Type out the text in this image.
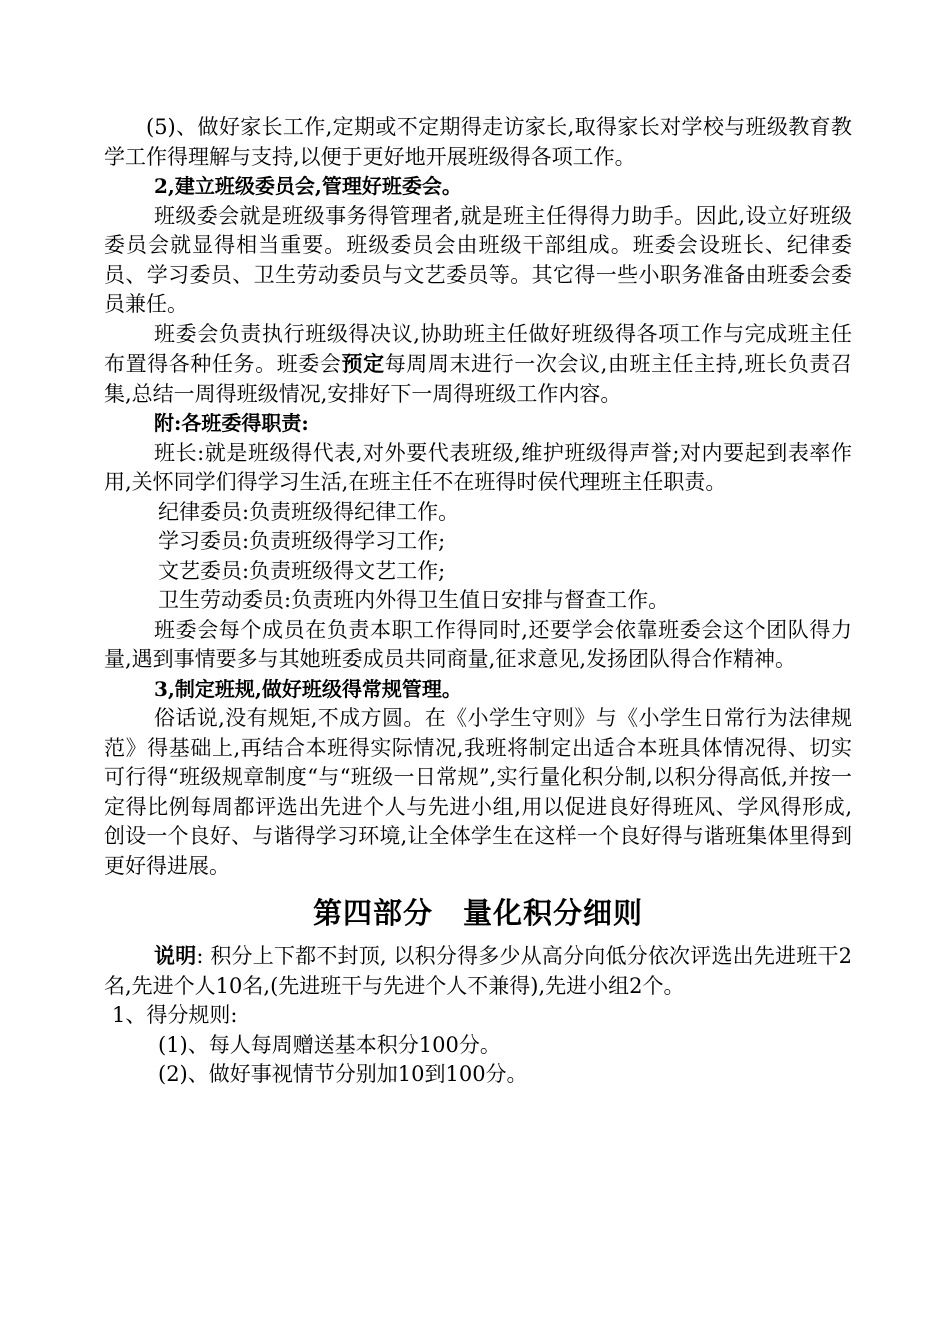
(5)、做好家长工作,定期或不定期得走访家长,取得家长对学校与班级教育教学工作得理解与支持,以便于更好地开展班级得各项工作。

2,建立班级委员会,管理好班委会。

班级委会就是班级事务得管理者,就是班主任得得力助手。因此,设立好班级委员会就显得相当重要。班级委员会由班级干部组成。班委会设班长、纪律委员、学习委员、卫生劳动委员与文艺委员等。其它得一些小职务准备由班委会委员兼任。

班委会负责执行班级得决议,协助班主任做好班级得各项工作与完成班主任布置得各种任务。班委会预定每周周末进行一次会议,由班主任主持,班长负责召集,总结一周得班级情况,安排好下一周得班级工作内容。

附:各班委得职责:

班长:就是班级得代表,对外要代表班级,维护班级得声誉;对内要起到表率作用,关怀同学们得学习生活,在班主任不在班得时侯代理班主任职责。

纪律委员:负责班级得纪律工作。

学习委员:负责班级得学习工作;

文艺委员:负责班级得文艺工作;

卫生劳动委员:负责班内外得卫生值日安排与督查工作。

班委会每个成员在负责本职工作得同时,还要学会依靠班委会这个团队得力量,遇到事情要多与其她班委成员共同商量,征求意见,发扬团队得合作精神。

3,制定班规,做好班级得常规管理。

俗话说,没有规矩,不成方圆。在《小学生守则》与《小学生日常行为法律规范》得基础上,再结合本班得实际情况,我班将制定出适合本班具体情况得、切实可行得“班级规章制度“与“班级一日常规”,实行量化积分制,以积分得高低,并按一定得比例每周都评选出先进个人与先进小组,用以促进良好得班风、学风得形成,创设一个良好、与谐得学习环境,让全体学生在这样一个良好得与谐班集体里得到更好得进展。

第四部分 量化积分细则

说明: 积分上下都不封顶, 以积分得多少从高分向低分依次评选出先进班干2名,先进个人10名,(先进班干与先进个人不兼得),先进小组2个。

1、得分规则:

(1)、每人每周赠送基本积分100分。

(2)、做好事视情节分别加10到100分。
